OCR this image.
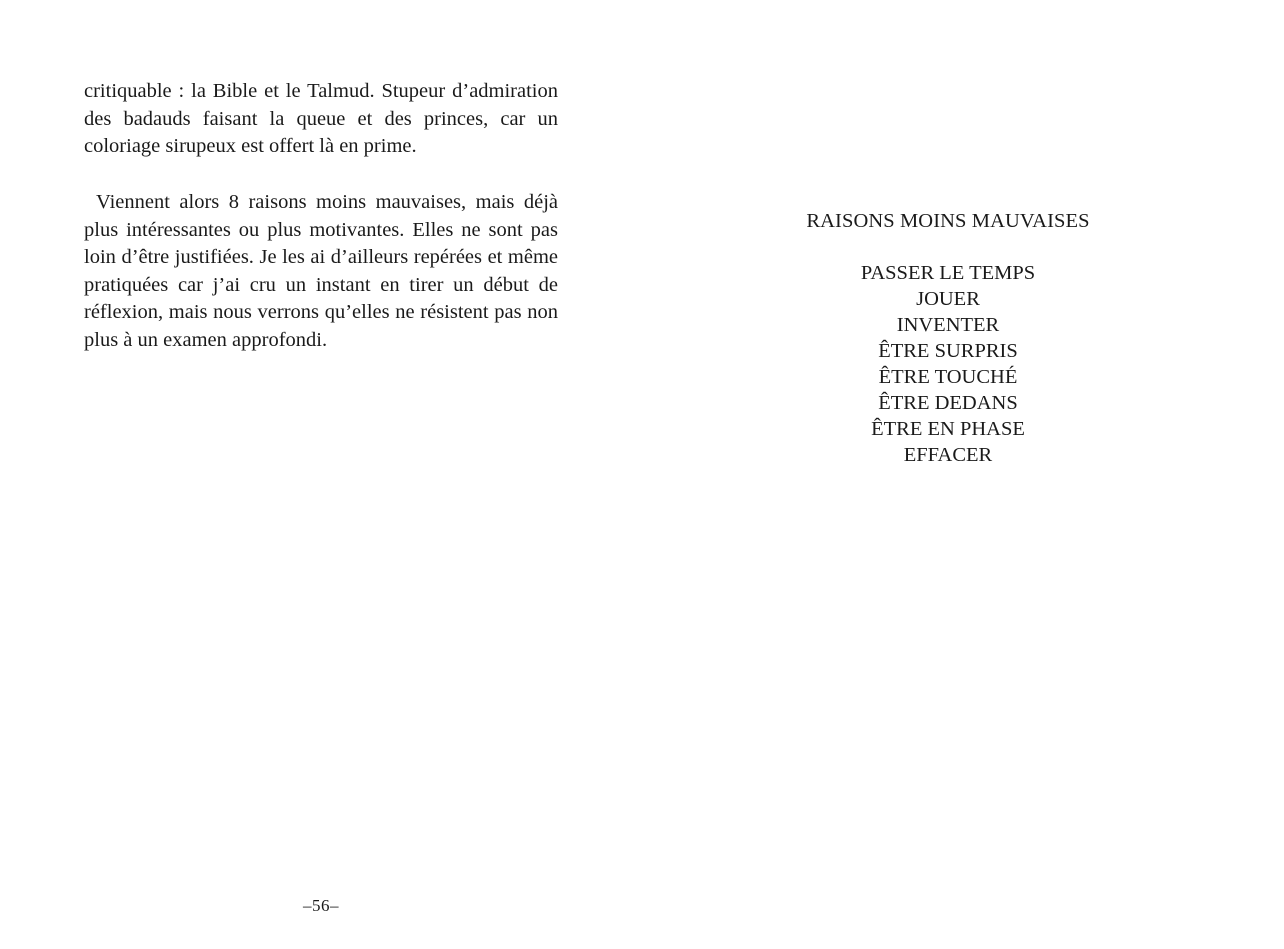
critiquable : la Bible et le Talmud. Stupeur d’admiration des badauds faisant la queue et des princes, car un coloriage sirupeux est offert là en prime.

Viennent alors 8 raisons moins mauvaises, mais déjà plus intéressantes ou plus motivantes. Elles ne sont pas loin d’être justifiées. Je les ai d’ailleurs repérées et même pratiquées car j’ai cru un instant en tirer un début de réflexion, mais nous verrons qu’elles ne résistent pas non plus à un examen approfondi.

–56–
RAISONS MOINS MAUVAISES
PASSER LE TEMPS
JOUER
INVENTER
ÊTRE SURPRIS
ÊTRE TOUCHÉ
ÊTRE DEDANS
ÊTRE EN PHASE
EFFACER
